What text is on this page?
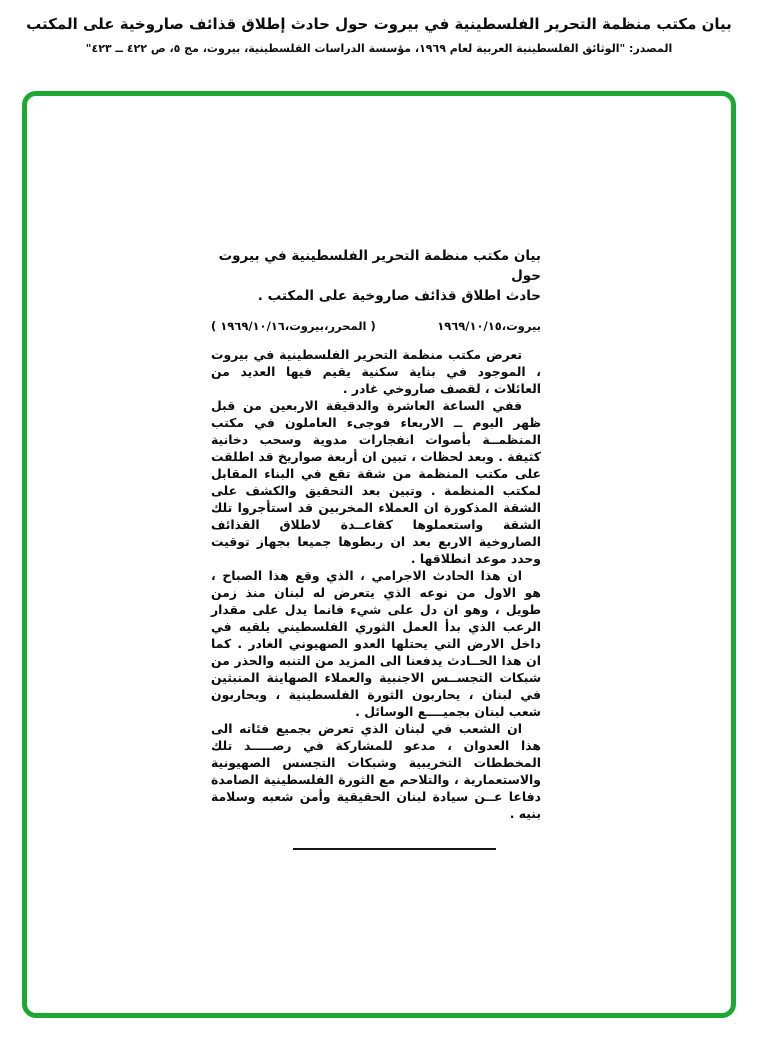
بيان مكتب منظمة التحرير الفلسطينية في بيروت حول حادث إطلاق قذائف صاروخية على المكتب
المصدر: "الوثائق الفلسطينية العربية لعام ١٩٦٩، مؤسسة الدراسات الفلسطينية، بيروت، مج ٥، ص ٤٢٢ ــ ٤٢٣"
بيان مكتب منظمة التحرير الفلسطينية في بيروت حول
حادث اطلاق قذائف صاروخية على المكتب .
بيروت،١٩٦٩/١٠/١٥
( المحرر،بيروت،١٩٦٩/١٠/١٦ )

تعرض مكتب منظمة التحرير الفلسطينية في بيروت ، الموجود في بناية سكنية يقيم فيها العديد من العائلات ، لقصف صاروخي غادر .

ففي الساعة العاشرة والدقيقة الاربعين من قبل ظهر اليوم ــ الاربعاء فوجىء العاملون في مكتب المنظمــة بأصوات انفجارات مدوية وسحب دخانية كثيفة . وبعد لحظات ، تبين ان أربعة صواريخ قد اطلقت على مكتب المنظمة من شقة تقع في البناء المقابل لمكتب المنظمة . وتبين بعد التحقيق والكشف على الشقة المذكورة ان العملاء المخربين قد استأجروا تلك الشقة واستعملوها كقاعــدة لاطلاق القذائف الصاروخية الاربع بعد ان ربطوها جميعا بجهاز توقيت وحدد موعد انطلاقها .

ان هذا الحادث الاجرامي ، الذي وقع هذا الصباح ، هو الاول من نوعه الذي يتعرض له لبنان منذ زمن طويل ، وهو ان دل على شيء فانما يدل على مقدار الرعب الذي بدأ العمل الثوري الفلسطيني يلقيه في داخل الارض التي يحتلها العدو الصهيوني الغادر . كما ان هذا الحــادث يدفعنا الى المزيد من التنبه والحذر من شبكات التجســس الاجنبية والعملاء الصهاينة المنبثين في لبنان ، يحاربون الثورة الفلسطينية ، ويحاربون شعب لبنان بجميــــع الوسائل .

ان الشعب في لبنان الذي تعرض بجميع فئاته الى هذا العدوان ، مدعو للمشاركة في رصـــــد تلك المخططات التخريبية وشبكات التجسس الصهيونية والاستعمارية ، والتلاحم مع الثورة الفلسطينية الصامدة دفاعا عــن سيادة لبنان الحقيقية وأمن شعبه وسلامة بنيه .
